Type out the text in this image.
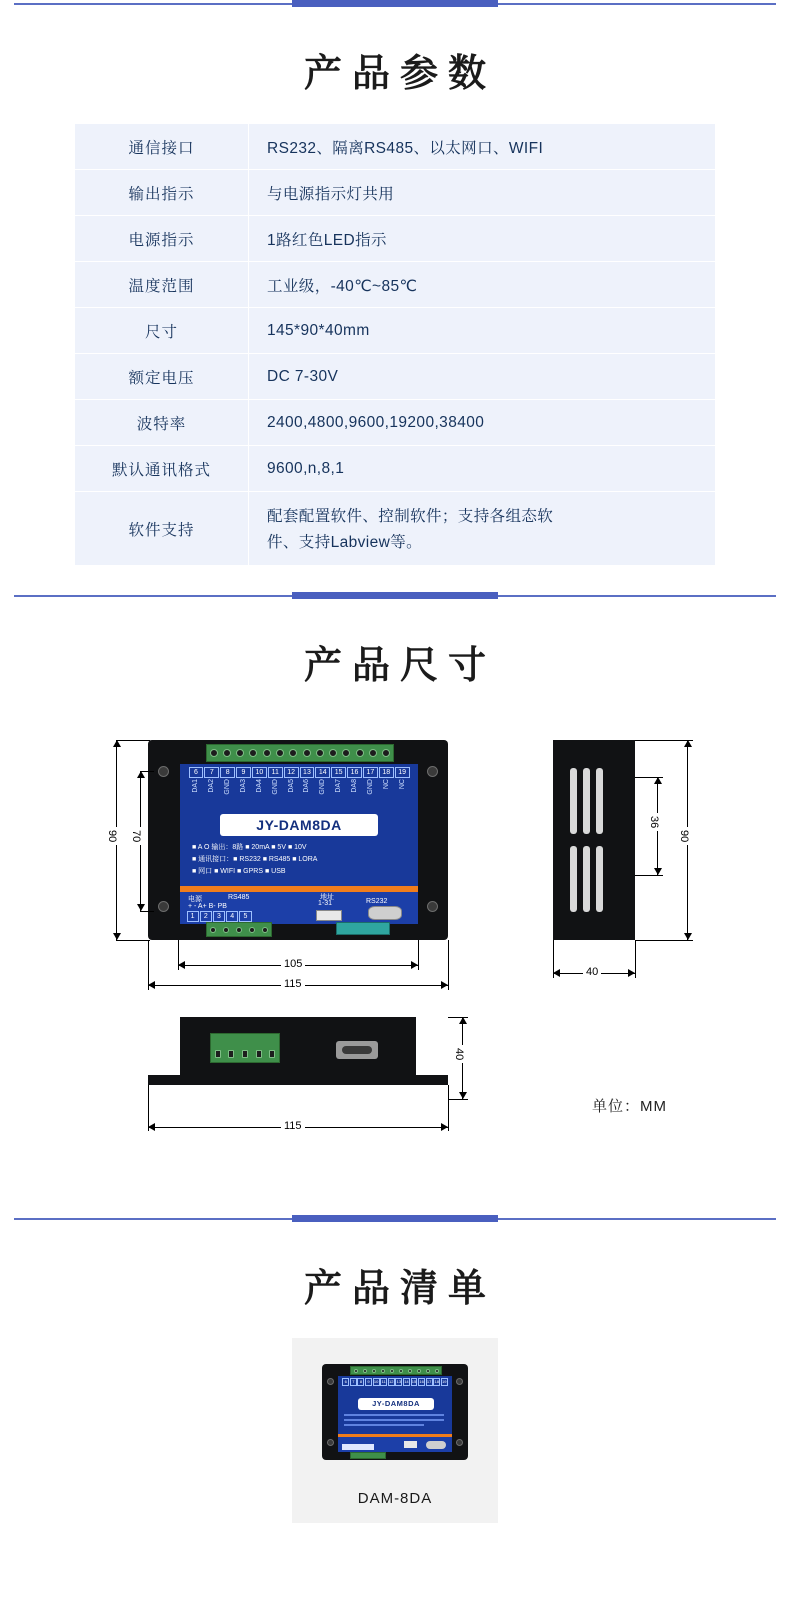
产品参数
通信接口	RS232、隔离RS485、以太网口、WIFI
输出指示	与电源指示灯共用
电源指示	1路红色LED指示
温度范围	工业级，-40℃~85℃
尺寸	145*90*40mm
额定电压	DC 7-30V
波特率	2400,4800,9600,19200,38400
默认通讯格式	9600,n,8,1
软件支持	配套配置软件、控制软件；支持各组态软
件、支持Labview等。
产品尺寸
6	7	8	9	10	11	12	13	14	15	16	17	18	19
DA1	DA2	GND	DA3	DA4	GND	DA5	DA6	GND	DA7	DA8	GND	NC	NC
JY-DAM8DA
■ A O 输出：8路 ■ 20mA ■ 5V ■ 10V
■ 通讯接口：■ RS232 ■ RS485 ■ LORA
■ 网口 ■ WIFI ■ GPRS ■ USB
电源	RS485
+ - A+ B- PB
地址
1-31	RS232
1	2	3	4	5
90 70
105
115
36
90
40
40
115
单位：MM
产品清单
6	7	8	9	10 11 12 13 14 15 16 17 18 19
JY-DAM8DA
DAM-8DA
